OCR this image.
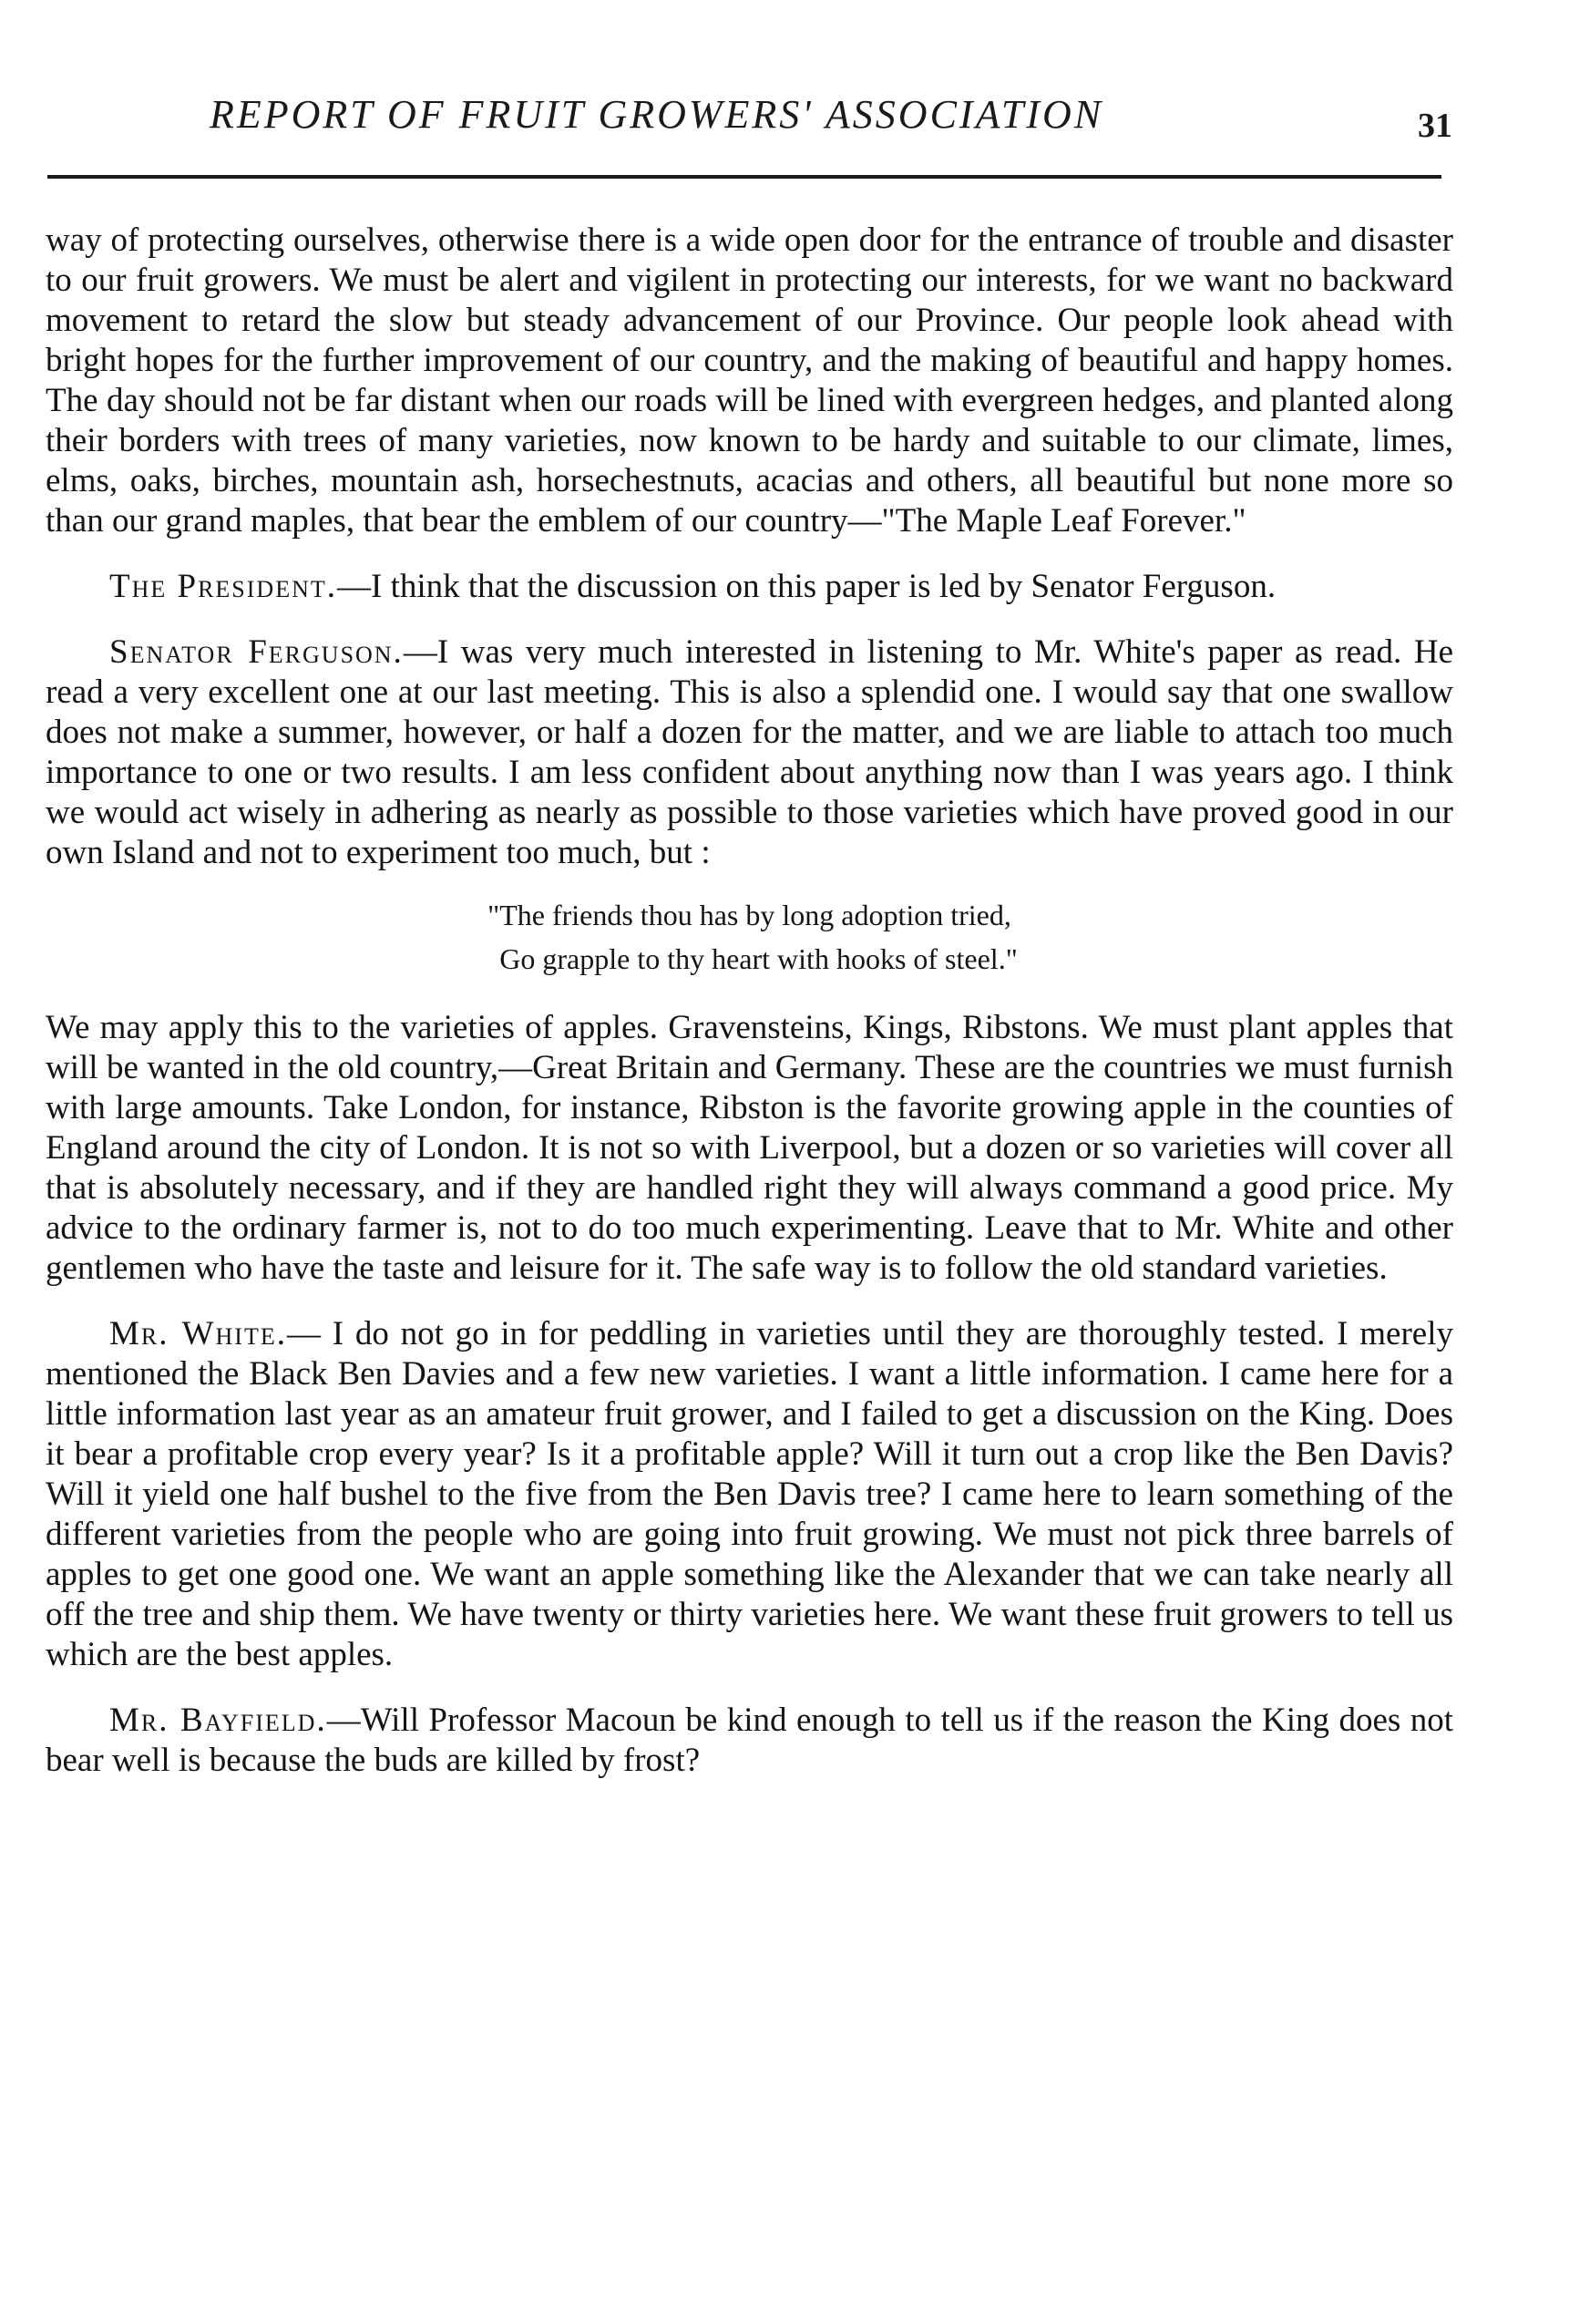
REPORT OF FRUIT GROWERS' ASSOCIATION	31

way of protecting ourselves, otherwise there is a wide open door for the entrance of trouble and disaster to our fruit growers. We must be alert and vigilent in protecting our interests, for we want no backward movement to retard the slow but steady advancement of our Province. Our people look ahead with bright hopes for the further improvement of our country, and the making of beautiful and happy homes. The day should not be far distant when our roads will be lined with evergreen hedges, and planted along their borders with trees of many varieties, now known to be hardy and suitable to our climate, limes, elms, oaks, birches, mountain ash, horsechestnuts, acacias and others, all beautiful but none more so than our grand maples, that bear the emblem of our country—"The Maple Leaf Forever."

The President.—I think that the discussion on this paper is led by Senator Ferguson.

Senator Ferguson.—I was very much interested in listening to Mr. White's paper as read. He read a very excellent one at our last meeting. This is also a splendid one. I would say that one swallow does not make a summer, however, or half a dozen for the matter, and we are liable to attach too much importance to one or two results. I am less confident about anything now than I was years ago. I think we would act wisely in adhering as nearly as possible to those varieties which have proved good in our own Island and not to experiment too much, but :

"The friends thou has by long adoption tried,
Go grapple to thy heart with hooks of steel."

We may apply this to the varieties of apples. Gravensteins, Kings, Ribstons. We must plant apples that will be wanted in the old country,—Great Britain and Germany. These are the countries we must furnish with large amounts. Take London, for instance, Ribston is the favorite growing apple in the counties of England around the city of London. It is not so with Liverpool, but a dozen or so varieties will cover all that is absolutely necessary, and if they are handled right they will always command a good price. My advice to the ordinary farmer is, not to do too much experimenting. Leave that to Mr. White and other gentlemen who have the taste and leisure for it. The safe way is to follow the old standard varieties.

Mr. White.— I do not go in for peddling in varieties until they are thoroughly tested. I merely mentioned the Black Ben Davies and a few new varieties. I want a little information. I came here for a little information last year as an amateur fruit grower, and I failed to get a discussion on the King. Does it bear a profitable crop every year? Is it a profitable apple? Will it turn out a crop like the Ben Davis? Will it yield one half bushel to the five from the Ben Davis tree? I came here to learn something of the different varieties from the people who are going into fruit growing. We must not pick three barrels of apples to get one good one. We want an apple something like the Alexander that we can take nearly all off the tree and ship them. We have twenty or thirty varieties here. We want these fruit growers to tell us which are the best apples.

Mr. Bayfield.—Will Professor Macoun be kind enough to tell us if the reason the King does not bear well is because the buds are killed by frost?
